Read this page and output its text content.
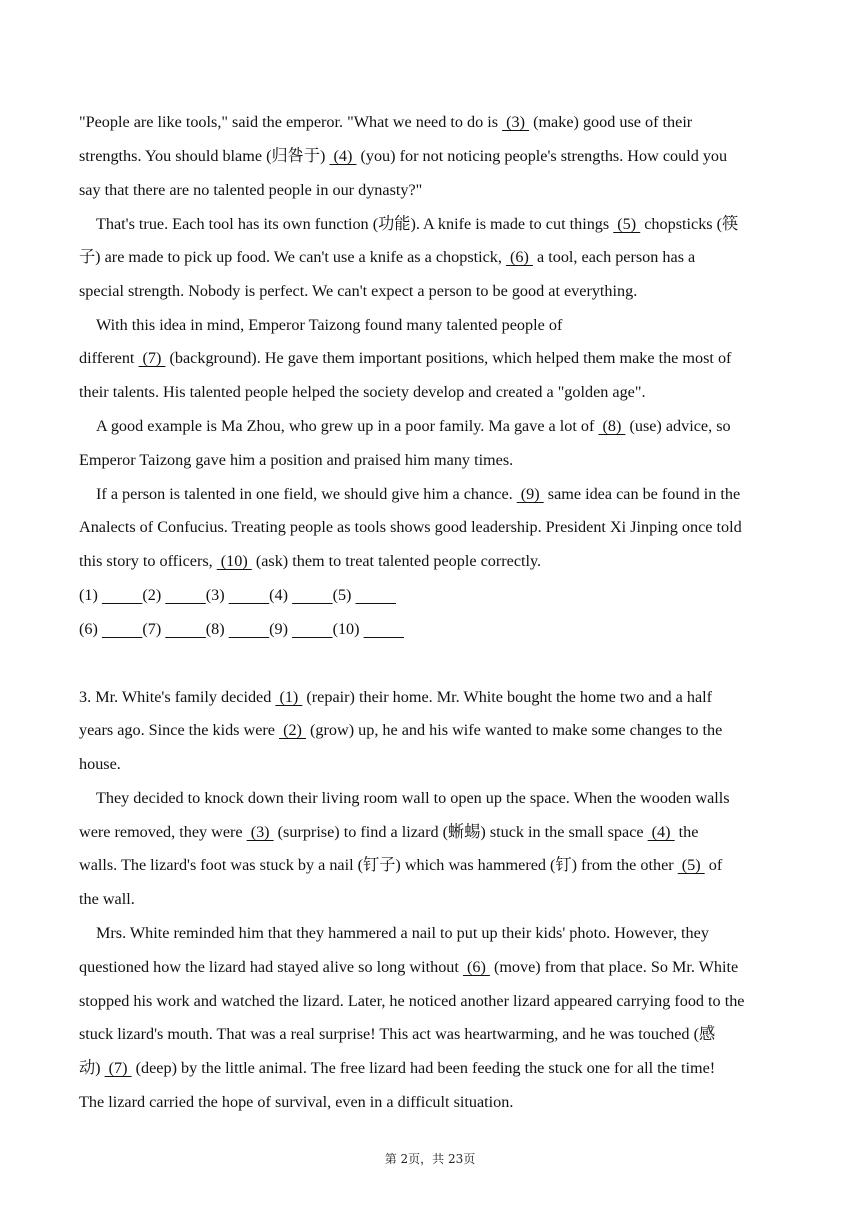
"People are like tools," said the emperor. "What we need to do is  (3)  (make) good use of their
strengths. You should blame (归咎于)  (4)  (you) for not noticing people's strengths. How could you
say that there are no talented people in our dynasty?"
That's true. Each tool has its own function (功能). A knife is made to cut things  (5)  chopsticks (筷
子) are made to pick up food. We can't use a knife as a chopstick,  (6)  a tool, each person has a
special strength. Nobody is perfect. We can't expect a person to be good at everything.
With this idea in mind, Emperor Taizong found many talented people of
different  (7)  (background). He gave them important positions, which helped them make the most of
their talents. His talented people helped the society develop and created a "golden age".
A good example is Ma Zhou, who grew up in a poor family. Ma gave a lot of  (8)  (use) advice, so
Emperor Taizong gave him a position and praised him many times.
If a person is talented in one field, we should give him a chance.  (9)  same idea can be found in the
Analects of Confucius. Treating people as tools shows good leadership. President Xi Jinping once told
this story to officers,  (10)  (ask) them to treat talented people correctly.
(1)           (2)           (3)           (4)           (5)
(6)           (7)           (8)           (9)           (10)
3. Mr. White's family decided  (1)  (repair) their home. Mr. White bought the home two and a half
years ago. Since the kids were  (2)  (grow) up, he and his wife wanted to make some changes to the
house.
They decided to knock down their living room wall to open up the space. When the wooden walls
were removed, they were  (3)  (surprise) to find a lizard (蜥蜴) stuck in the small space  (4)  the
walls. The lizard's foot was stuck by a nail (钉子) which was hammered (钉) from the other  (5)  of
the wall.
Mrs. White reminded him that they hammered a nail to put up their kids' photo. However, they
questioned how the lizard had stayed alive so long without  (6)  (move) from that place. So Mr. White
stopped his work and watched the lizard. Later, he noticed another lizard appeared carrying food to the
stuck lizard's mouth. That was a real surprise! This act was heartwarming, and he was touched (感
动)  (7)  (deep) by the little animal. The free lizard had been feeding the stuck one for all the time!
The lizard carried the hope of survival, even in a difficult situation.
第 2页，共 23页
